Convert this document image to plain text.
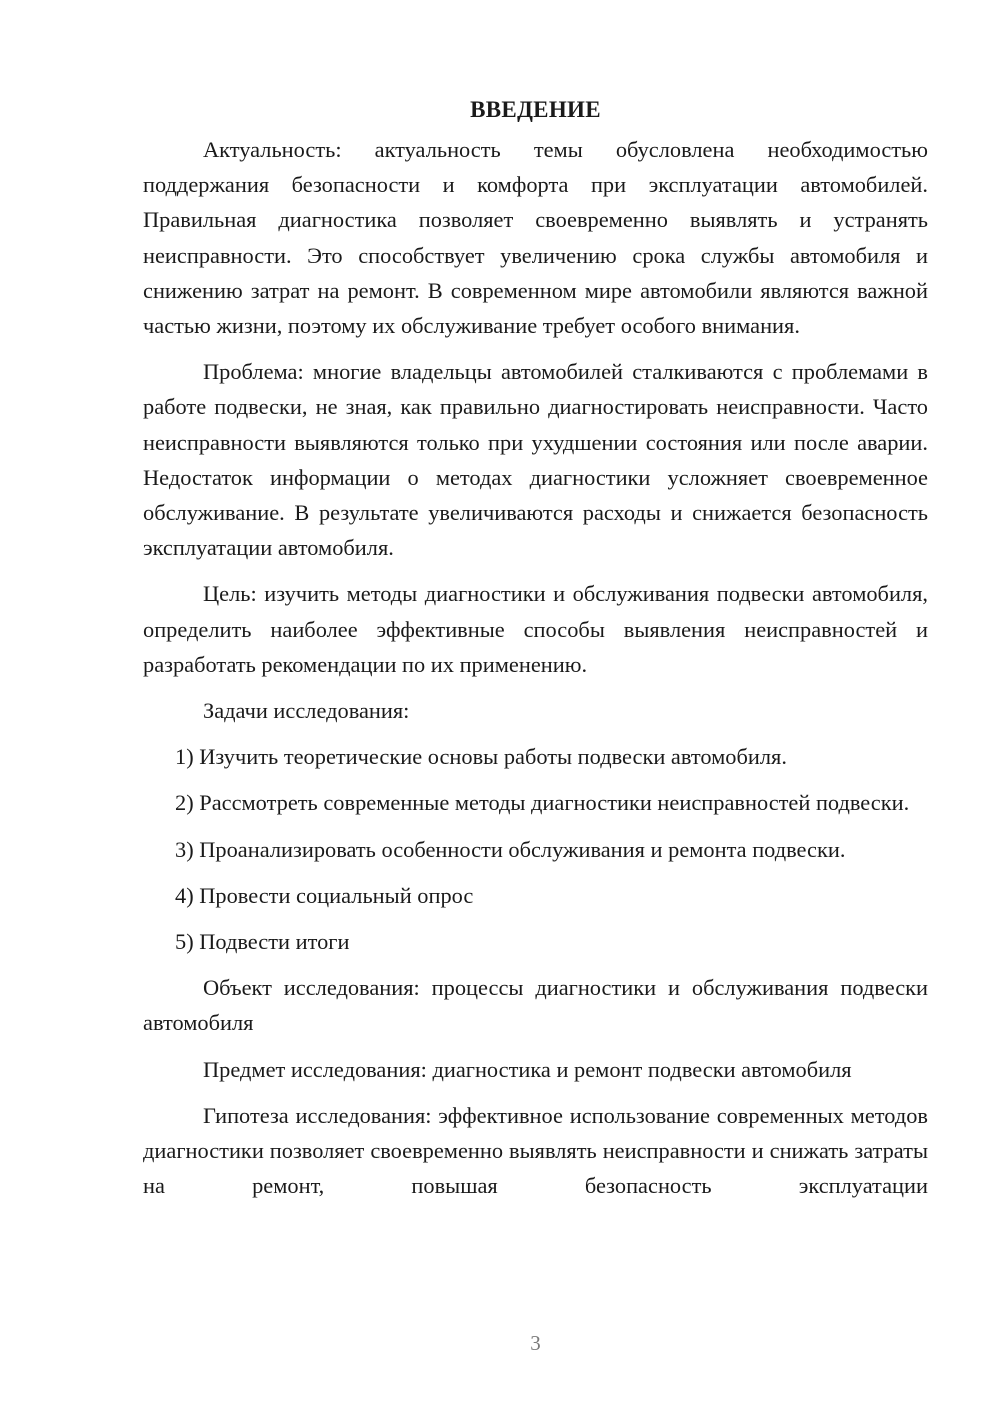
ВВЕДЕНИЕ

Актуальность: актуальность темы обусловлена необходимостью поддержания безопасности и комфорта при эксплуатации автомобилей. Правильная диагностика позволяет своевременно выявлять и устранять неисправности. Это способствует увеличению срока службы автомобиля и снижению затрат на ремонт. В современном мире автомобили являются важной частью жизни, поэтому их обслуживание требует особого внимания.

Проблема: многие владельцы автомобилей сталкиваются с проблемами в работе подвески, не зная, как правильно диагностировать неисправности. Часто неисправности выявляются только при ухудшении состояния или после аварии. Недостаток информации о методах диагностики усложняет своевременное обслуживание. В результате увеличиваются расходы и снижается безопасность эксплуатации автомобиля.

Цель: изучить методы диагностики и обслуживания подвески автомобиля, определить наиболее эффективные способы выявления неисправностей и разработать рекомендации по их применению.

Задачи исследования:

1) Изучить теоретические основы работы подвески автомобиля.

2) Рассмотреть современные методы диагностики неисправностей подвески.

3) Проанализировать особенности обслуживания и ремонта подвески.

4) Провести социальный опрос

5) Подвести итоги

Объект исследования: процессы диагностики и обслуживания подвески автомобиля

Предмет исследования: диагностика и ремонт подвески автомобиля

Гипотеза исследования: эффективное использование современных методов диагностики позволяет своевременно выявлять неисправности и снижать затраты на ремонт, повышая безопасность эксплуатации

3
